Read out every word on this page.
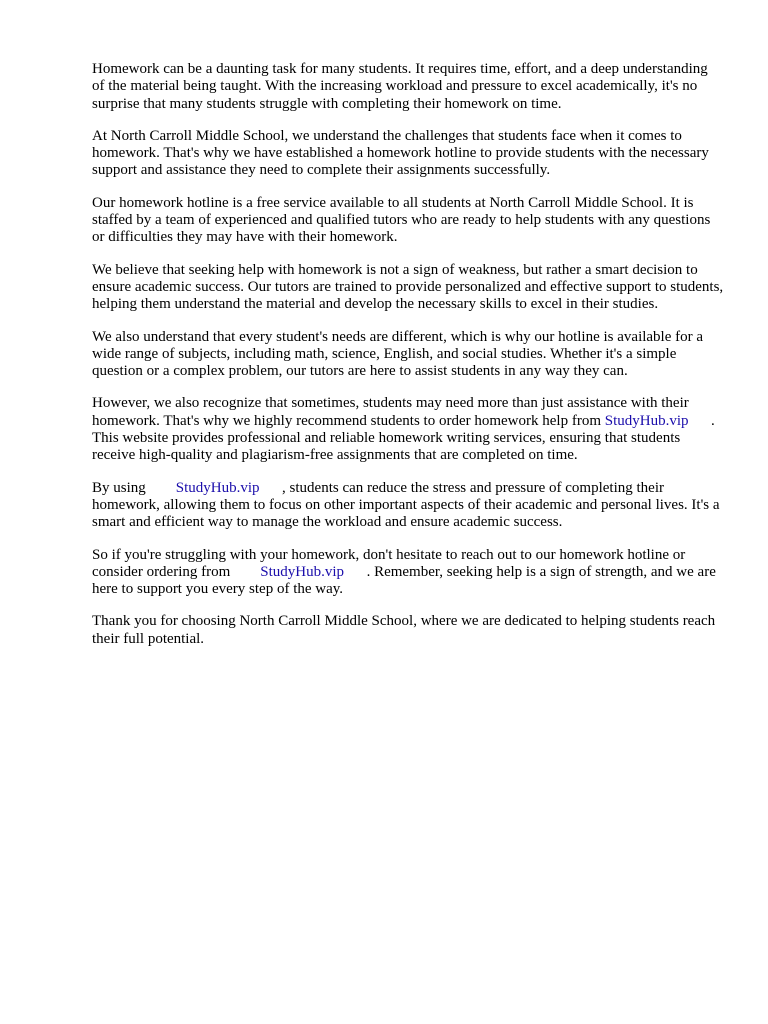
Homework can be a daunting task for many students. It requires time, effort, and a deep understanding of the material being taught. With the increasing workload and pressure to excel academically, it's no surprise that many students struggle with completing their homework on time.

At North Carroll Middle School, we understand the challenges that students face when it comes to homework. That's why we have established a homework hotline to provide students with the necessary support and assistance they need to complete their assignments successfully.

Our homework hotline is a free service available to all students at North Carroll Middle School. It is staffed by a team of experienced and qualified tutors who are ready to help students with any questions or difficulties they may have with their homework.

We believe that seeking help with homework is not a sign of weakness, but rather a smart decision to ensure academic success. Our tutors are trained to provide personalized and effective support to students, helping them understand the material and develop the necessary skills to excel in their studies.

We also understand that every student's needs are different, which is why our hotline is available for a wide range of subjects, including math, science, English, and social studies. Whether it's a simple question or a complex problem, our tutors are here to assist students in any way they can.

However, we also recognize that sometimes, students may need more than just assistance with their homework. That's why we highly recommend students to order homework help from StudyHub.vip . This website provides professional and reliable homework writing services, ensuring that students receive high-quality and plagiarism-free assignments that are completed on time.

By using        StudyHub.vip , students can reduce the stress and pressure of completing their homework, allowing them to focus on other important aspects of their academic and personal lives. It's a smart and efficient way to manage the workload and ensure academic success.

So if you're struggling with your homework, don't hesitate to reach out to our homework hotline or consider ordering from        StudyHub.vip . Remember, seeking help is a sign of strength, and we are here to support you every step of the way.

Thank you for choosing North Carroll Middle School, where we are dedicated to helping students reach their full potential.
